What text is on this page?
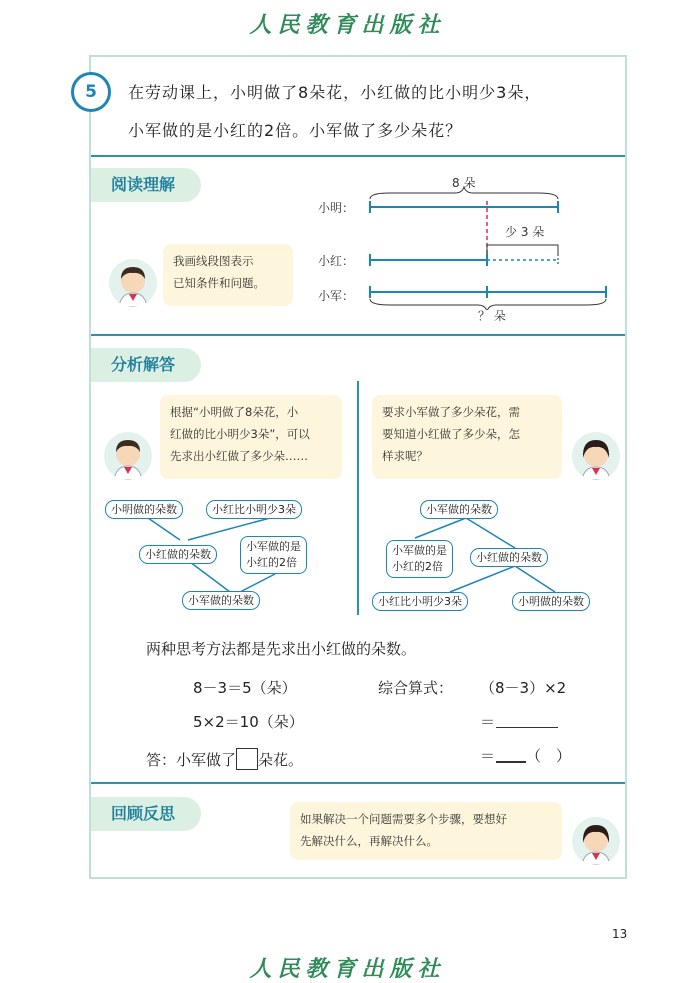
人民教育出版社
5	在劳动课上，小明做了8朵花，小红做的比小明少3朵，
小军做的是小红的2倍。小军做了多少朵花？
阅读理解
我画线段图表示
已知条件和问题。
小明：
小红：
小军：
8 朵
少 3 朵
？ 朵
分析解答
根据“小明做了8朵花，小
红做的比小明少3朵”，可以
先求出小红做了多少朵……
要求小军做了多少朵花，需
要知道小红做了多少朵，怎
样求呢？
小明做的朵数	小红比小明少3朵
小红做的朵数
小军做的是
小红的2倍
小军做的朵数
小军做的朵数
小军做的是
小红的2倍
小红做的朵数
小红比小明少3朵	小明做的朵数
两种思考方法都是先求出小红做的朵数。
8－3＝5（朵）	综合算式： （8－3）×2
5×2＝10（朵）	＝
＝ （　）
答：小军做了 朵花。
回顾反思	如果解决一个问题需要多个步骤，要想好
先解决什么，再解决什么。
13
人民教育出版社
